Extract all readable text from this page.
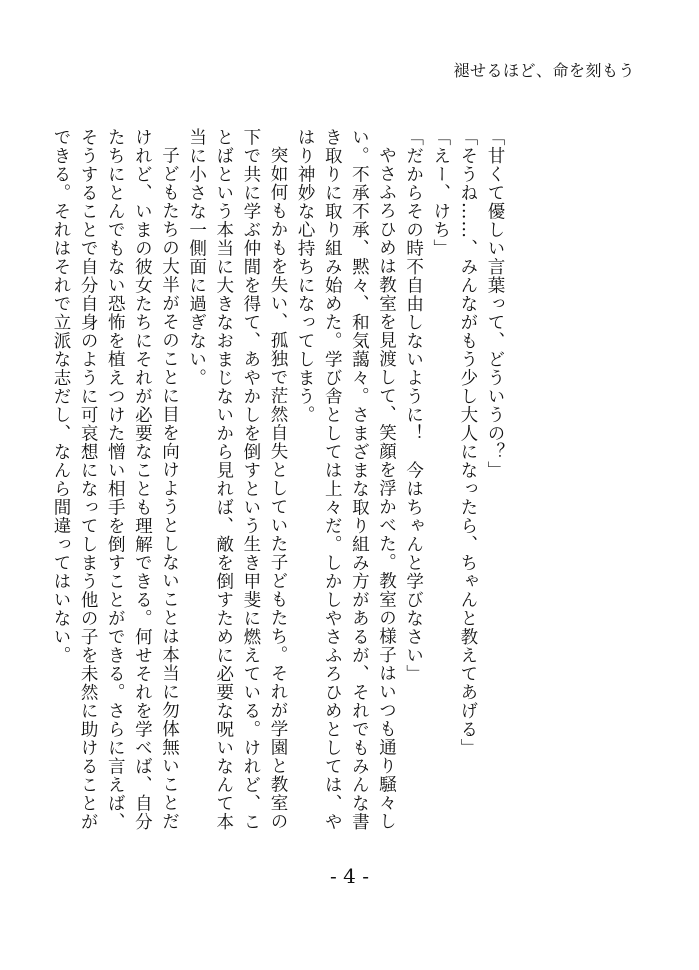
褪せるほど、命を刻もう

「甘くて優しい言葉って、どういうの？」

「そうね……、みんながもう少し大人になったら、ちゃんと教えてあげる」

「えー、けち」

「だからその時不自由しないように！　今はちゃんと学びなさい」

やさふろひめは教室を見渡して、笑顔を浮かべた。教室の様子はいつも通り騒々しい。不承不承、黙々、和気藹々。さまざまな取り組み方があるが、それでもみんな書き取りに取り組み始めた。学び舎としては上々だ。しかしやさふろひめとしては、やはり神妙な心持ちになってしまう。

突如何もかもを失い、孤独で茫然自失としていた子どもたち。それが学園と教室の下で共に学ぶ仲間を得て、あやかしを倒すという生き甲斐に燃えている。けれど、ことばという本当に大きなおまじないから見れば、敵を倒すために必要な呪いなんて本当に小さな一側面に過ぎない。

子どもたちの大半がそのことに目を向けようとしないことは本当に勿体無いことだけれど、いまの彼女たちにそれが必要なことも理解できる。何せそれを学べば、自分たちにとんでもない恐怖を植えつけた憎い相手を倒すことができる。さらに言えば、そうすることで自分自身のように可哀想になってしまう他の子を未然に助けることができる。それはそれで立派な志だし、なんら間違ってはいない。

- 4 -
